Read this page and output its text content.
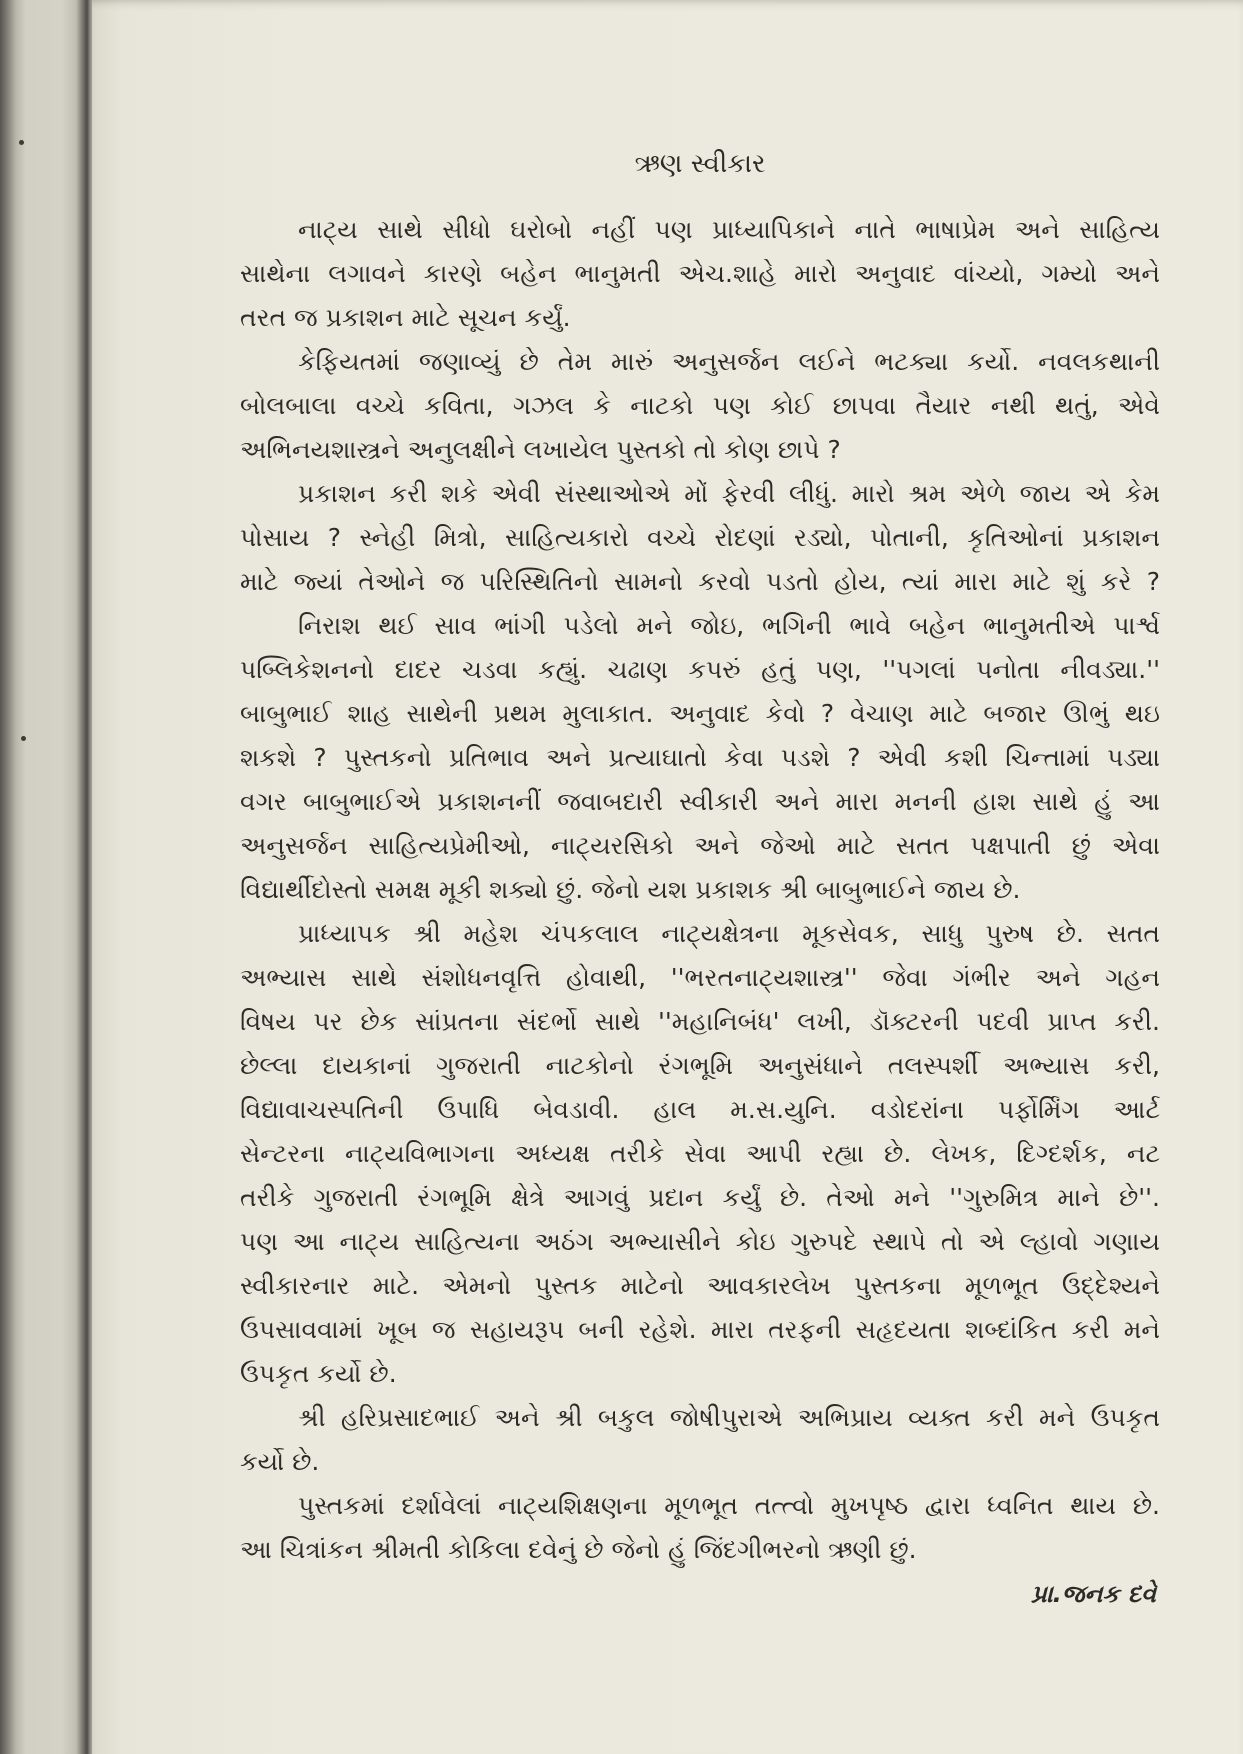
ઋણ સ્વીકાર
નાટ્ય સાથે સીધો ઘરોબો નહીં પણ પ્રાધ્યાપિકાને નાતે ભાષાપ્રેમ અને સાહિત્ય
સાથેના લગાવને કારણે બહેન ભાનુમતી એચ.શાહે મારો અનુવાદ વાંચ્યો, ગમ્યો અને
તરત જ પ્રકાશન માટે સૂચન કર્યું.
કેફિયતમાં જણાવ્યું છે તેમ મારું અનુસર્જન લઈને ભટક્યા કર્યો. નવલકથાની
બોલબાલા વચ્ચે કવિતા, ગઝલ કે નાટકો પણ કોઈ છાપવા તૈયાર નથી થતું, એવે
અભિનયશાસ્ત્રને અનુલક્ષીને લખાયેલ પુસ્તકો તો કોણ છાપે ?
પ્રકાશન કરી શકે એવી સંસ્થાઓએ મોં ફેરવી લીધું. મારો શ્રમ એળે જાય એ કેમ
પોસાય ? સ્નેહી મિત્રો, સાહિત્યકારો વચ્ચે રોદણાં રડ્યો, પોતાની, કૃતિઓનાં પ્રકાશન
માટે જ્યાં તેઓને જ પરિસ્થિતિનો સામનો કરવો પડતો હોય, ત્યાં મારા માટે શું કરે ?
નિરાશ થઈ સાવ ભાંગી પડેલો મને જોઇ, ભગિની ભાવે બહેન ભાનુમતીએ પાર્શ્વ
પબ્લિકેશનનો દાદર ચડવા કહ્યું. ચઢાણ કપરું હતું પણ, ''પગલાં પનોતા નીવડ્યા.''
બાબુભાઈ શાહ સાથેની પ્રથમ મુલાકાત. અનુવાદ કેવો ? વેચાણ માટે બજાર ઊભું થઇ
શકશે ? પુસ્તકનો પ્રતિભાવ અને પ્રત્યાઘાતો કેવા પડશે ? એવી કશી ચિન્તામાં પડ્યા
વગર બાબુભાઈએ પ્રકાશનનીં જવાબદારી સ્વીકારી અને મારા મનની હાશ સાથે હું આ
અનુસર્જન સાહિત્યપ્રેમીઓ, નાટ્યરસિકો અને જેઓ માટે સતત પક્ષપાતી છું એવા
વિદ્યાર્થીદોસ્તો સમક્ષ મૂકી શક્યો છું. જેનો યશ પ્રકાશક શ્રી બાબુભાઈને જાય છે.
પ્રાધ્યાપક શ્રી મહેશ ચંપકલાલ નાટ્યક્ષેત્રના મૂકસેવક, સાધુ પુરુષ છે. સતત
અભ્યાસ સાથે સંશોધનવૃત્તિ હોવાથી, ''ભરતનાટ્યશાસ્ત્ર'' જેવા ગંભીર અને ગહન
વિષય પર છેક સાંપ્રતના સંદર્ભો સાથે ''મહાનિબંધ' લખી, ડૉક્ટરની પદવી પ્રાપ્ત કરી.
છેલ્લા દાયકાનાં ગુજરાતી નાટકોનો રંગભૂમિ અનુસંધાને તલસ્પર્શી અભ્યાસ કરી,
વિદ્યાવાચસ્પતિની ઉપાધિ બેવડાવી. હાલ મ.સ.યુનિ. વડોદરાંના પર્ફોર્મિંગ આર્ટ
સેન્ટરના નાટ્યવિભાગના અધ્યક્ષ તરીકે સેવા આપી રહ્યા છે. લેખક, દિગ્દર્શક, નટ
તરીકે ગુજરાતી રંગભૂમિ ક્ષેત્રે આગવું પ્રદાન કર્યું છે. તેઓ મને ''ગુરુમિત્ર માને છે''.
પણ આ નાટ્ય સાહિત્યના અઠંગ અભ્યાસીને કોઇ ગુરુપદે સ્થાપે તો એ લ્હાવો ગણાય
સ્વીકારનાર માટે. એમનો પુસ્તક માટેનો આવકારલેખ પુસ્તકના મૂળભૂત ઉદ્દેશ્યને
ઉપસાવવામાં ખૂબ જ સહાયરૂપ બની રહેશે. મારા તરફની સહૃદયતા શબ્દાંકિત કરી મને
ઉપકૃત કર્યો છે.
શ્રી હરિપ્રસાદભાઈ અને શ્રી બકુલ જોષીપુરાએ અભિપ્રાય વ્યક્ત કરી મને ઉપકૃત
કર્યો છે.
પુસ્તકમાં દર્શાવેલાં નાટ્યશિક્ષણના મૂળભૂત તત્ત્વો મુખપૃષ્ઠ દ્વારા ધ્વનિત થાય છે.
આ ચિત્રાંકન શ્રીમતી કોકિલા દવેનું છે જેનો હું જિંદગીભરનો ઋણી છું.
પ્રા.જનક દવે
